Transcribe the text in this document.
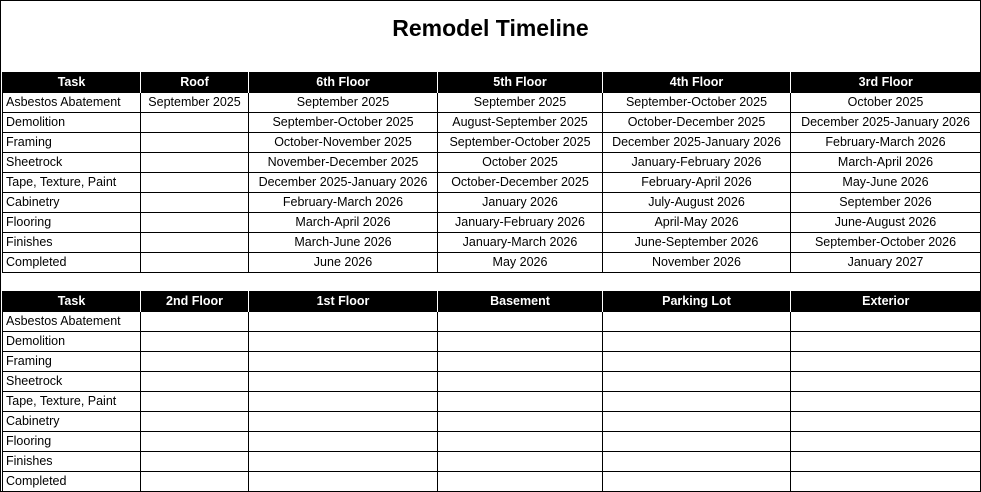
Remodel Timeline
Task	Roof	6th Floor	5th Floor	4th Floor	3rd Floor
Asbestos Abatement	September 2025	September 2025	September 2025	September-October 2025	October 2025
Demolition		September-October 2025	August-September 2025	October-December 2025	December 2025-January 2026
Framing		October-November 2025	September-October 2025	December 2025-January 2026	February-March 2026
Sheetrock		November-December 2025	October 2025	January-February 2026	March-April 2026
Tape, Texture, Paint		December 2025-January 2026	October-December 2025	February-April 2026	May-June 2026
Cabinetry		February-March 2026	January 2026	July-August 2026	September 2026
Flooring		March-April 2026	January-February 2026	April-May 2026	June-August 2026
Finishes		March-June 2026	January-March 2026	June-September 2026	September-October 2026
Completed		June 2026	May 2026	November 2026	January 2027
Task	2nd Floor	1st Floor	Basement	Parking Lot	Exterior
Asbestos Abatement					
Demolition					
Framing					
Sheetrock					
Tape, Texture, Paint					
Cabinetry					
Flooring					
Finishes					
Completed					
